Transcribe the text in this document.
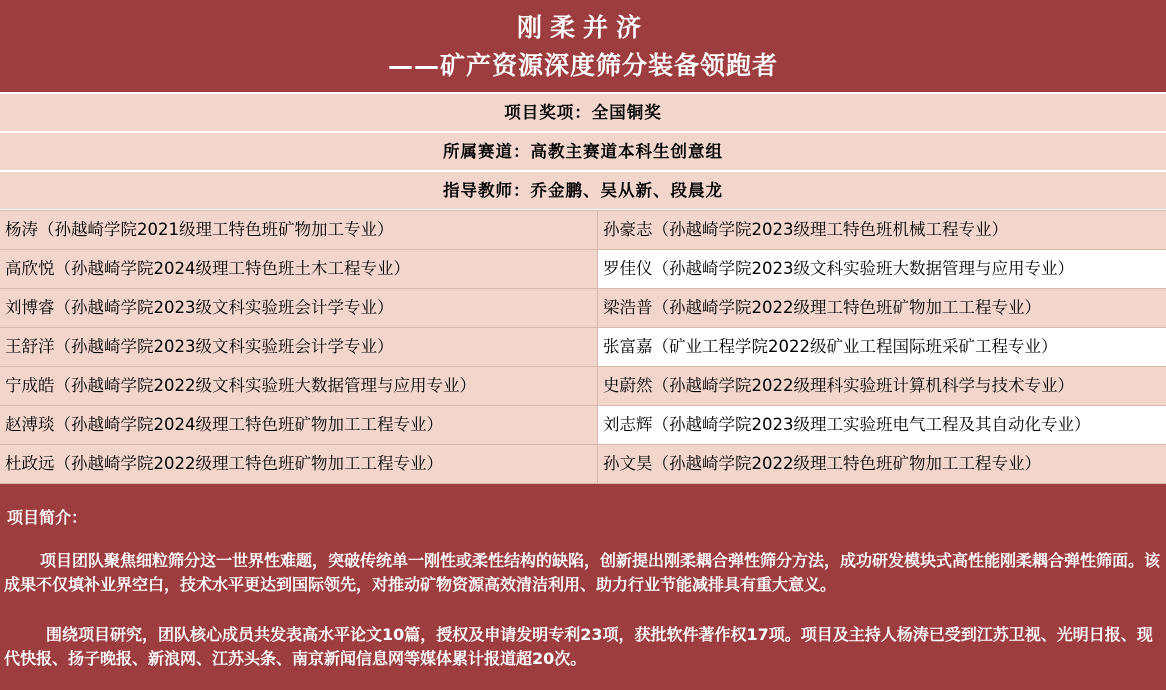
刚柔并济
——矿产资源深度筛分装备领跑者
项目奖项：全国铜奖
所属赛道：高教主赛道本科生创意组
指导教师：乔金鹏、吴从新、段晨龙
杨涛（孙越崎学院2021级理工特色班矿物加工专业）	孙豪志（孙越崎学院2023级理工特色班机械工程专业）
高欣悦（孙越崎学院2024级理工特色班土木工程专业）	罗佳仪（孙越崎学院2023级文科实验班大数据管理与应用专业）
刘博睿（孙越崎学院2023级文科实验班会计学专业）	梁浩普（孙越崎学院2022级理工特色班矿物加工工程专业）
王舒洋（孙越崎学院2023级文科实验班会计学专业）	张富嘉（矿业工程学院2022级矿业工程国际班采矿工程专业）
宁成皓（孙越崎学院2022级文科实验班大数据管理与应用专业）	史蔚然（孙越崎学院2022级理科实验班计算机科学与技术专业）
赵溥琰（孙越崎学院2024级理工特色班矿物加工工程专业）	刘志辉（孙越崎学院2023级理工实验班电气工程及其自动化专业）
杜政远（孙越崎学院2022级理工特色班矿物加工工程专业）	孙文昊（孙越崎学院2022级理工特色班矿物加工工程专业）
项目简介：
项目团队聚焦细粒筛分这一世界性难题，突破传统单一刚性或柔性结构的缺陷，创新提出刚柔耦合弹性筛分方法，成功研发模块式高性能刚柔耦合弹性筛面。该成果不仅填补业界空白，技术水平更达到国际领先，对推动矿物资源高效清洁利用、助力行业节能减排具有重大意义。
围绕项目研究，团队核心成员共发表高水平论文10篇，授权及申请发明专利23项，获批软件著作权17项。项目及主持人杨涛已受到江苏卫视、光明日报、现代快报、扬子晚报、新浪网、江苏头条、南京新闻信息网等媒体累计报道超20次。
